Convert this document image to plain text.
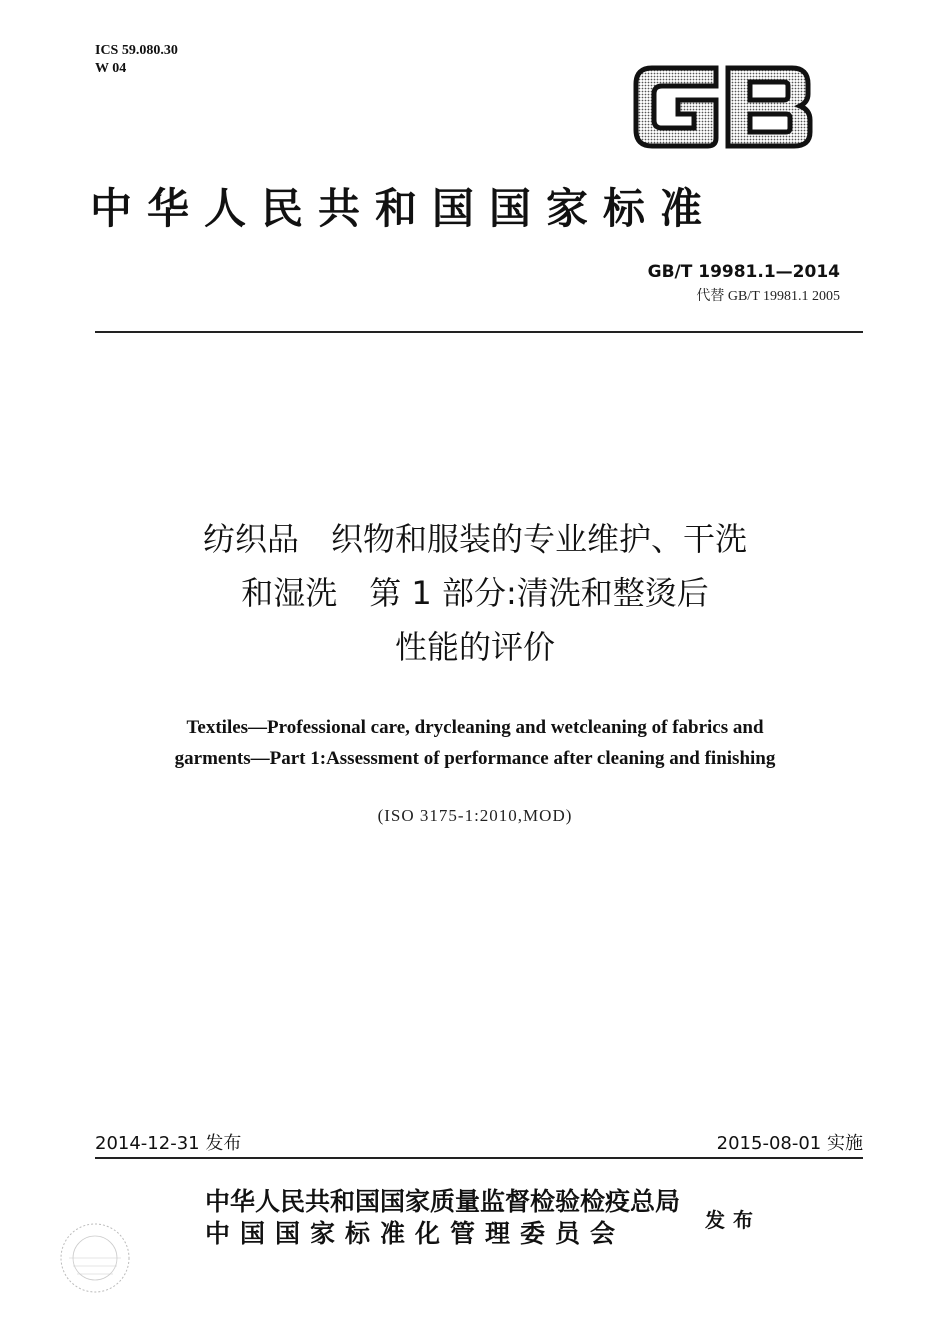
ICS 59.080.30
W 04
中华人民共和国国家标准
GB/T 19981.1—2014
代替 GB/T 19981.1 2005
纺织品　织物和服装的专业维护、干洗
和湿洗　第 1 部分:清洗和整烫后
性能的评价
Textiles—Professional care, drycleaning and wetcleaning of fabrics and
garments—Part 1:Assessment of performance after cleaning and finishing
(ISO 3175-1:2010,MOD)
2014-12-31 发布	2015-08-01 实施
中华人民共和国国家质量监督检验检疫总局
中国国家标准化管理委员会	发布
